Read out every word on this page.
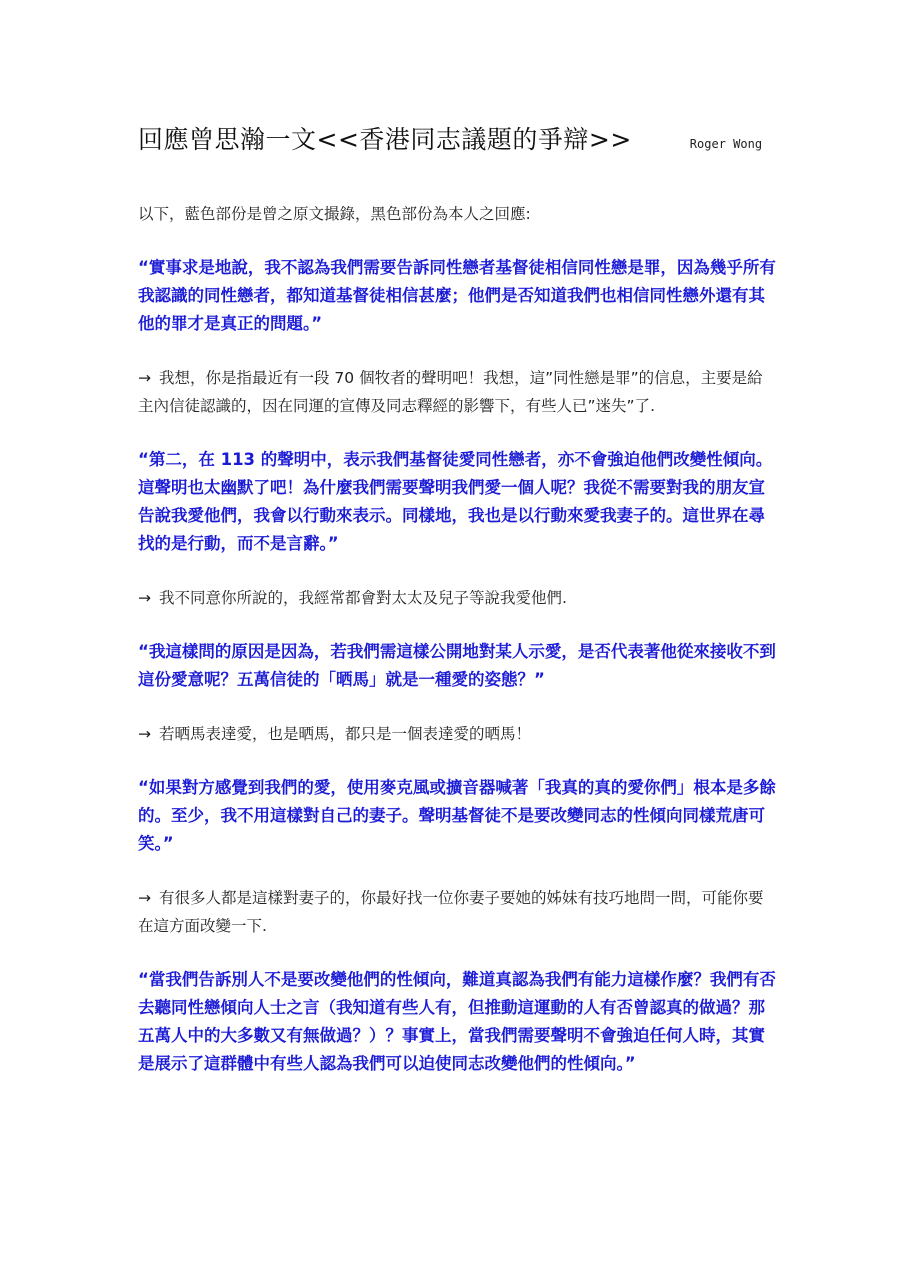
回應曾思瀚一文<<香港同志議題的爭辯>>	Roger Wong

以下，藍色部份是曾之原文撮錄，黑色部份為本人之回應:

“實事求是地說，我不認為我們需要告訴同性戀者基督徒相信同性戀是罪，因為幾乎所有我認識的同性戀者，都知道基督徒相信甚麼；他們是否知道我們也相信同性戀外還有其他的罪才是真正的問題。”

→ 我想，你是指最近有一段 70 個牧者的聲明吧！我想，這”同性戀是罪”的信息，主要是給主內信徒認識的，因在同運的宣傳及同志釋經的影響下，有些人已”迷失”了.

“第二，在 113 的聲明中，表示我們基督徒愛同性戀者，亦不會強迫他們改變性傾向。這聲明也太幽默了吧！為什麼我們需要聲明我們愛一個人呢？我從不需要對我的朋友宣告說我愛他們，我會以行動來表示。同樣地，我也是以行動來愛我妻子的。這世界在尋找的是行動，而不是言辭。”

→ 我不同意你所說的，我經常都會對太太及兒子等說我愛他們.

“我這樣問的原因是因為，若我們需這樣公開地對某人示愛，是否代表著他從來接收不到這份愛意呢？五萬信徒的「晒馬」就是一種愛的姿態？”

→ 若晒馬表達愛，也是晒馬，都只是一個表達愛的晒馬！

“如果對方感覺到我們的愛，使用麥克風或擴音器喊著「我真的真的愛你們」根本是多餘的。至少，我不用這樣對自己的妻子。聲明基督徒不是要改變同志的性傾向同樣荒唐可笑。”

→ 有很多人都是這樣對妻子的，你最好找一位你妻子要她的姊妹有技巧地問一問，可能你要在這方面改變一下.

“當我們告訴別人不是要改變他們的性傾向，難道真認為我們有能力這樣作麼？我們有否去聽同性戀傾向人士之言（我知道有些人有，但推動這運動的人有否曾認真的做過？那五萬人中的大多數又有無做過？）？事實上，當我們需要聲明不會強迫任何人時，其實是展示了這群體中有些人認為我們可以迫使同志改變他們的性傾向。”
